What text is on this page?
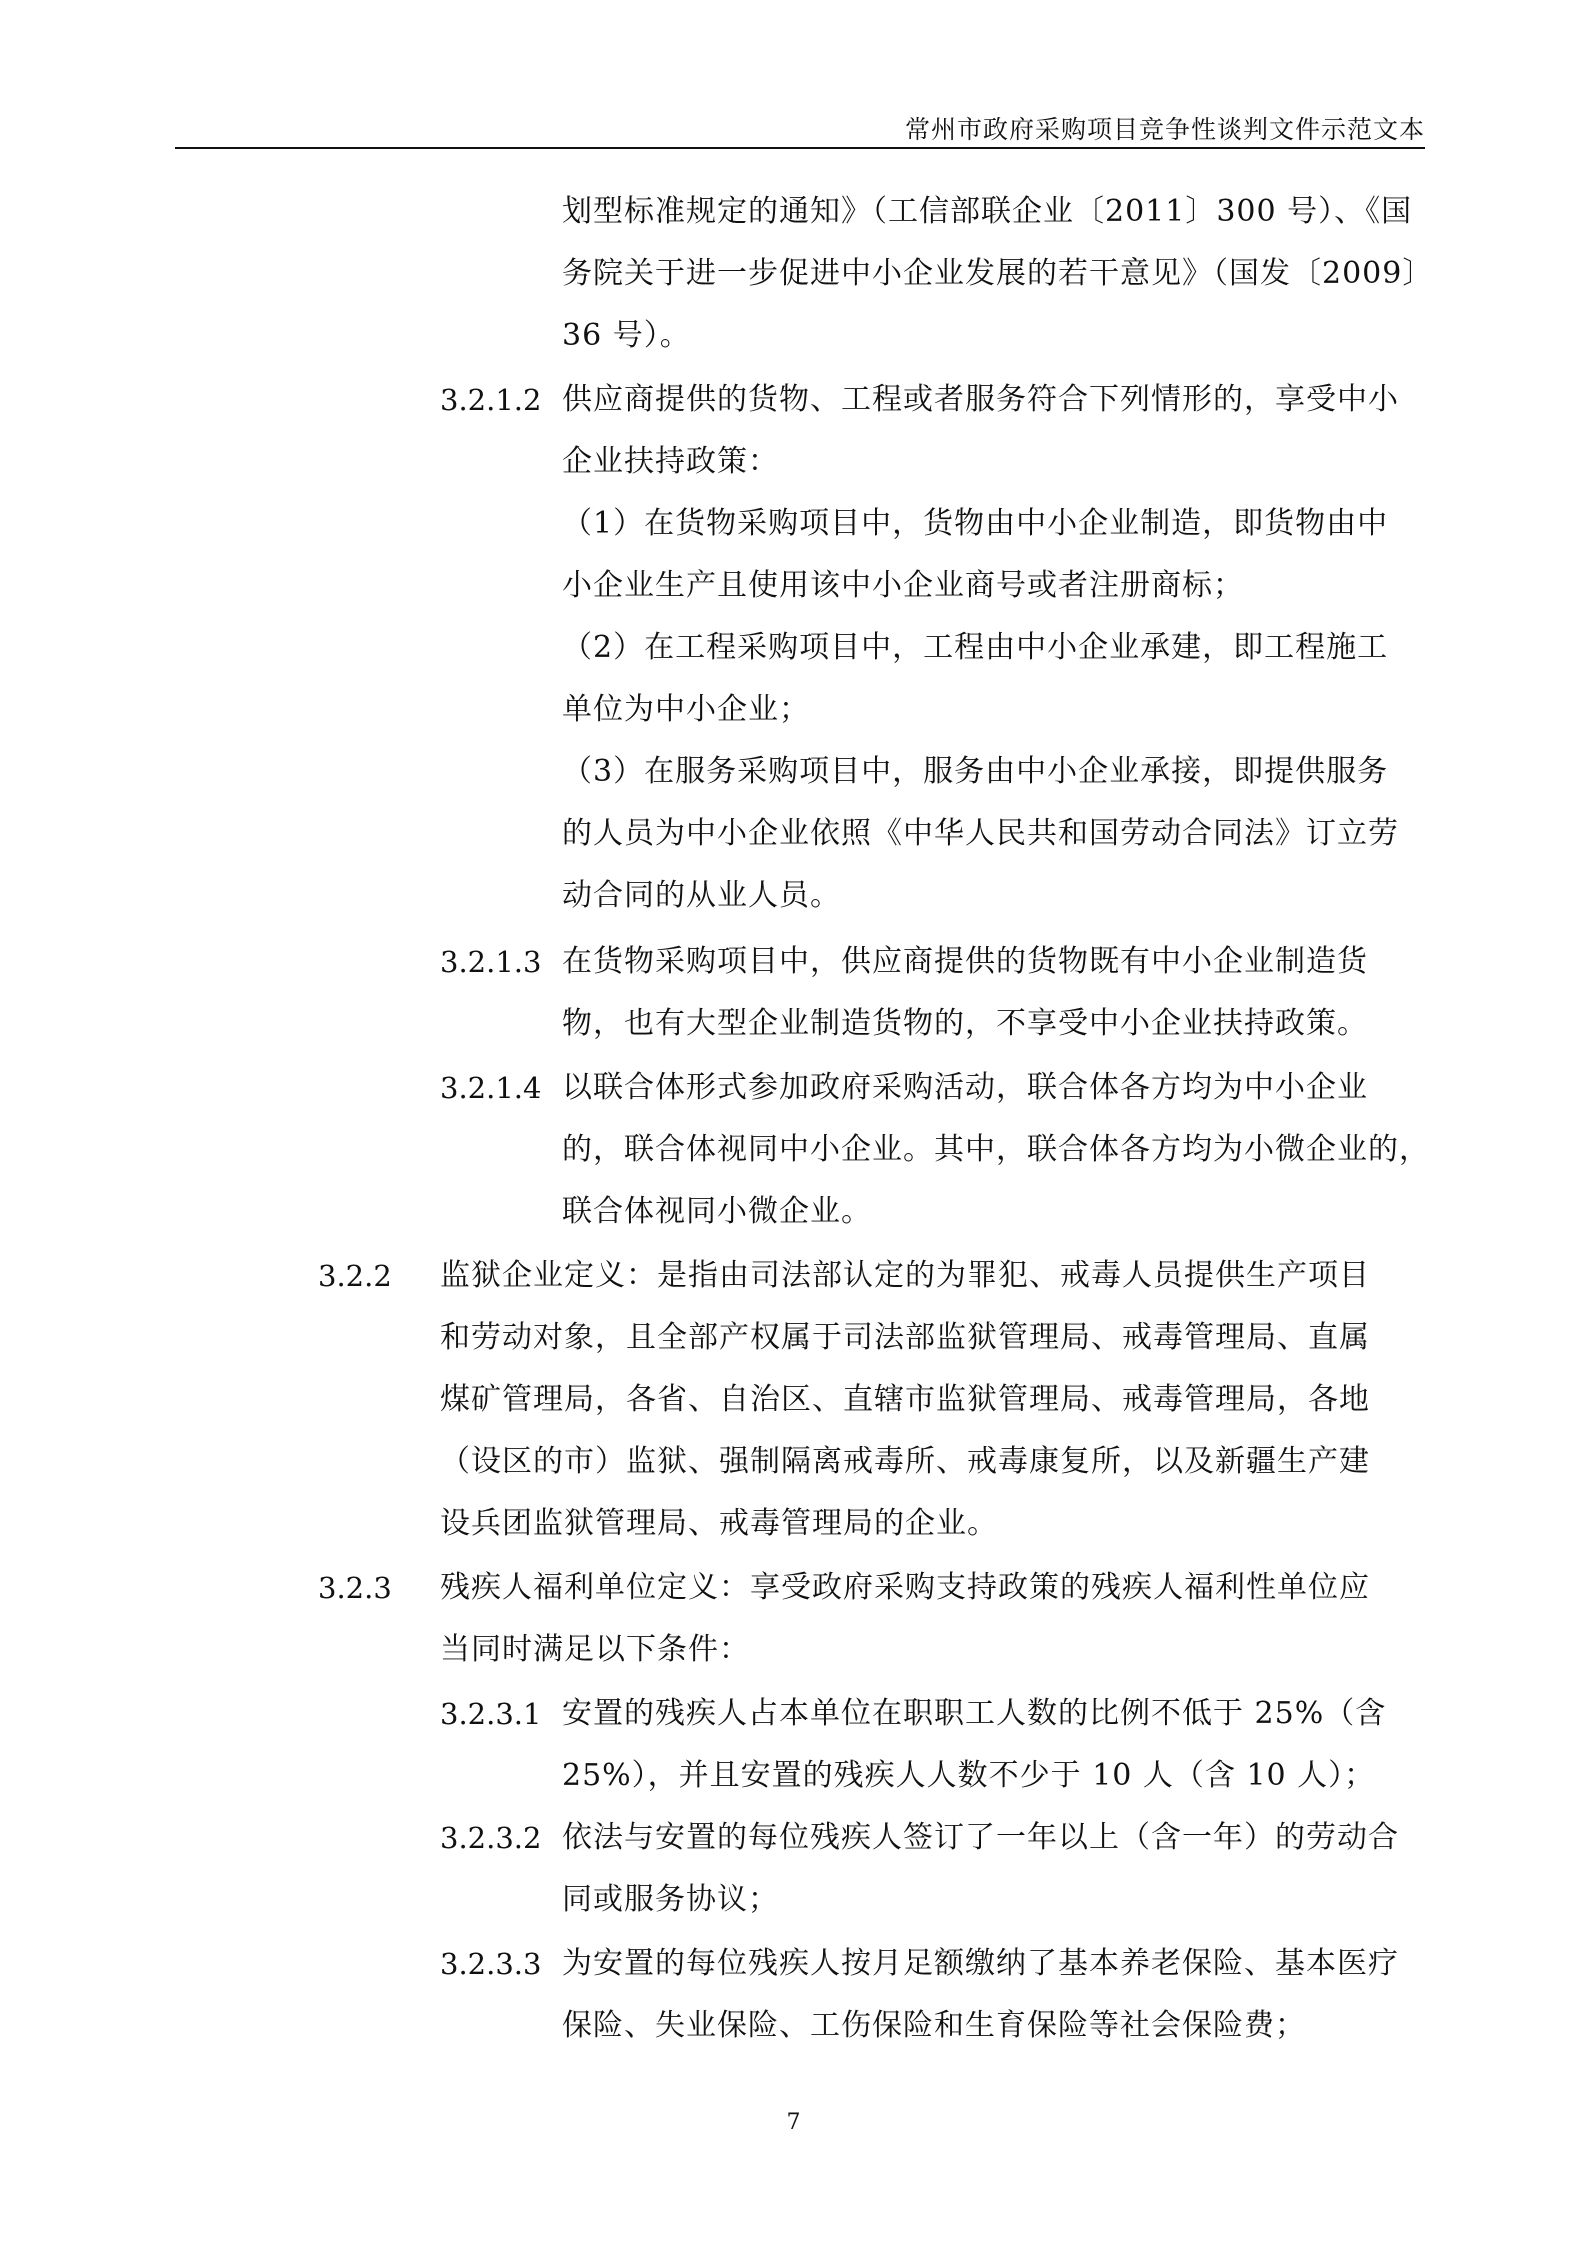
常州市政府采购项目竞争性谈判文件示范文本
划型标准规定的通知》（工信部联企业〔2011〕300 号）、《国
务院关于进一步促进中小企业发展的若干意见》（国发〔2009〕
36 号）。
3.2.1.2 供应商提供的货物、工程或者服务符合下列情形的，享受中小
企业扶持政策：
（1）在货物采购项目中，货物由中小企业制造，即货物由中
小企业生产且使用该中小企业商号或者注册商标；
（2）在工程采购项目中，工程由中小企业承建，即工程施工
单位为中小企业；
（3）在服务采购项目中，服务由中小企业承接，即提供服务
的人员为中小企业依照《中华人民共和国劳动合同法》订立劳
动合同的从业人员。
3.2.1.3 在货物采购项目中，供应商提供的货物既有中小企业制造货
物，也有大型企业制造货物的，不享受中小企业扶持政策。
3.2.1.4 以联合体形式参加政府采购活动，联合体各方均为中小企业
的，联合体视同中小企业。其中，联合体各方均为小微企业的，
联合体视同小微企业。
3.2.2 监狱企业定义：是指由司法部认定的为罪犯、戒毒人员提供生产项目
和劳动对象，且全部产权属于司法部监狱管理局、戒毒管理局、直属
煤矿管理局，各省、自治区、直辖市监狱管理局、戒毒管理局，各地
（设区的市）监狱、强制隔离戒毒所、戒毒康复所，以及新疆生产建
设兵团监狱管理局、戒毒管理局的企业。
3.2.3 残疾人福利单位定义：享受政府采购支持政策的残疾人福利性单位应
当同时满足以下条件：
3.2.3.1 安置的残疾人占本单位在职职工人数的比例不低于 25%（含
25%），并且安置的残疾人人数不少于 10 人（含 10 人）；
3.2.3.2 依法与安置的每位残疾人签订了一年以上（含一年）的劳动合
同或服务协议；
3.2.3.3 为安置的每位残疾人按月足额缴纳了基本养老保险、基本医疗
保险、失业保险、工伤保险和生育保险等社会保险费；
7
